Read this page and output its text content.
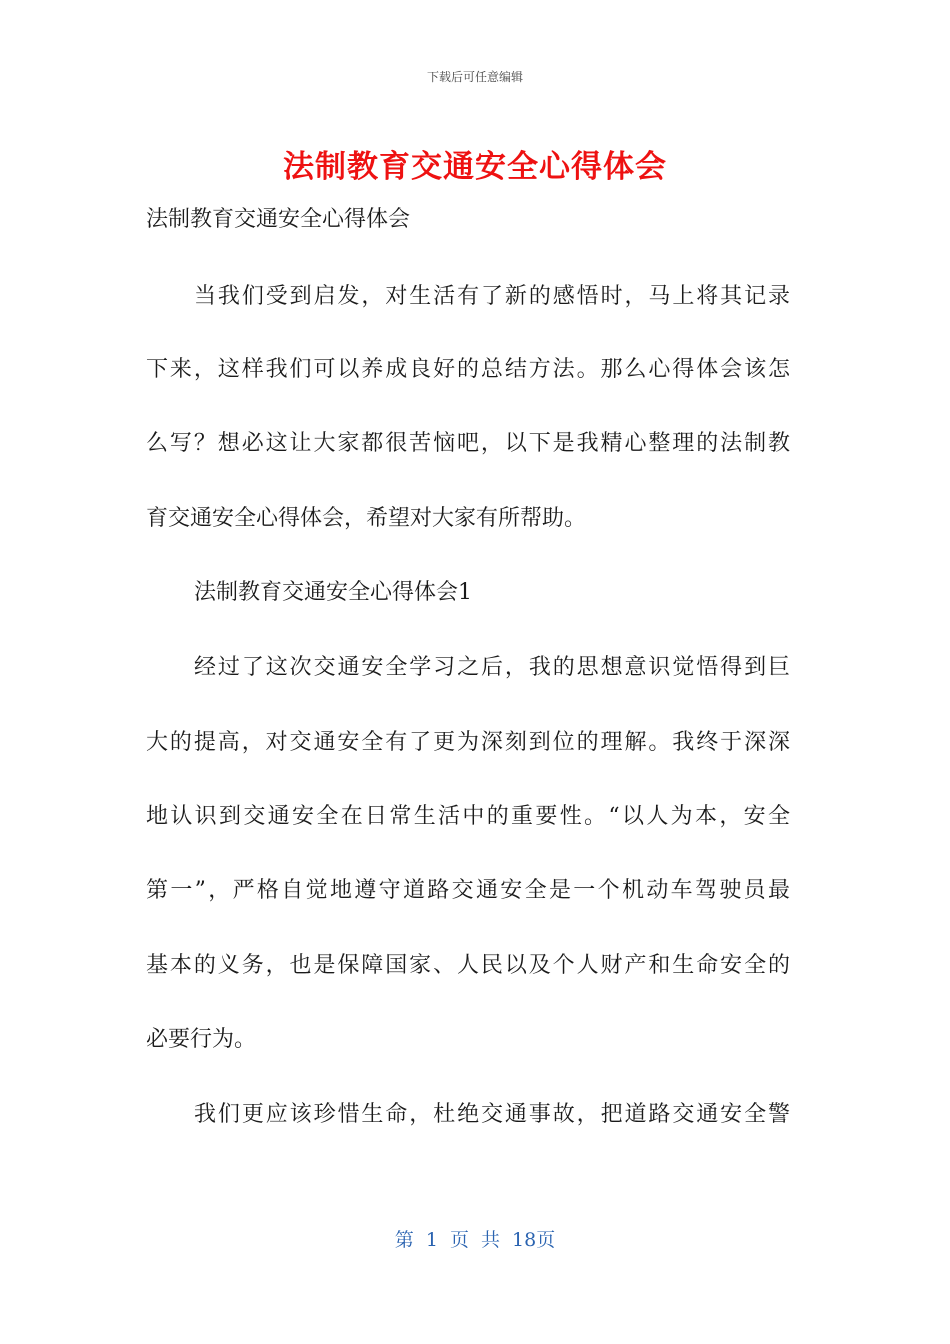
下载后可任意编辑
法制教育交通安全心得体会
法制教育交通安全心得体会
当我们受到启发，对生活有了新的感悟时，马上将其记录
下来，这样我们可以养成良好的总结方法。那么心得体会该怎
么写？想必这让大家都很苦恼吧，以下是我精心整理的法制教
育交通安全心得体会，希望对大家有所帮助。
法制教育交通安全心得体会1
经过了这次交通安全学习之后，我的思想意识觉悟得到巨
大的提高，对交通安全有了更为深刻到位的理解。我终于深深
地认识到交通安全在日常生活中的重要性。“以人为本，安全
第一”，严格自觉地遵守道路交通安全是一个机动车驾驶员最
基本的义务，也是保障国家、人民以及个人财产和生命安全的
必要行为。
我们更应该珍惜生命，杜绝交通事故，把道路交通安全警
第 1 页 共 18页
